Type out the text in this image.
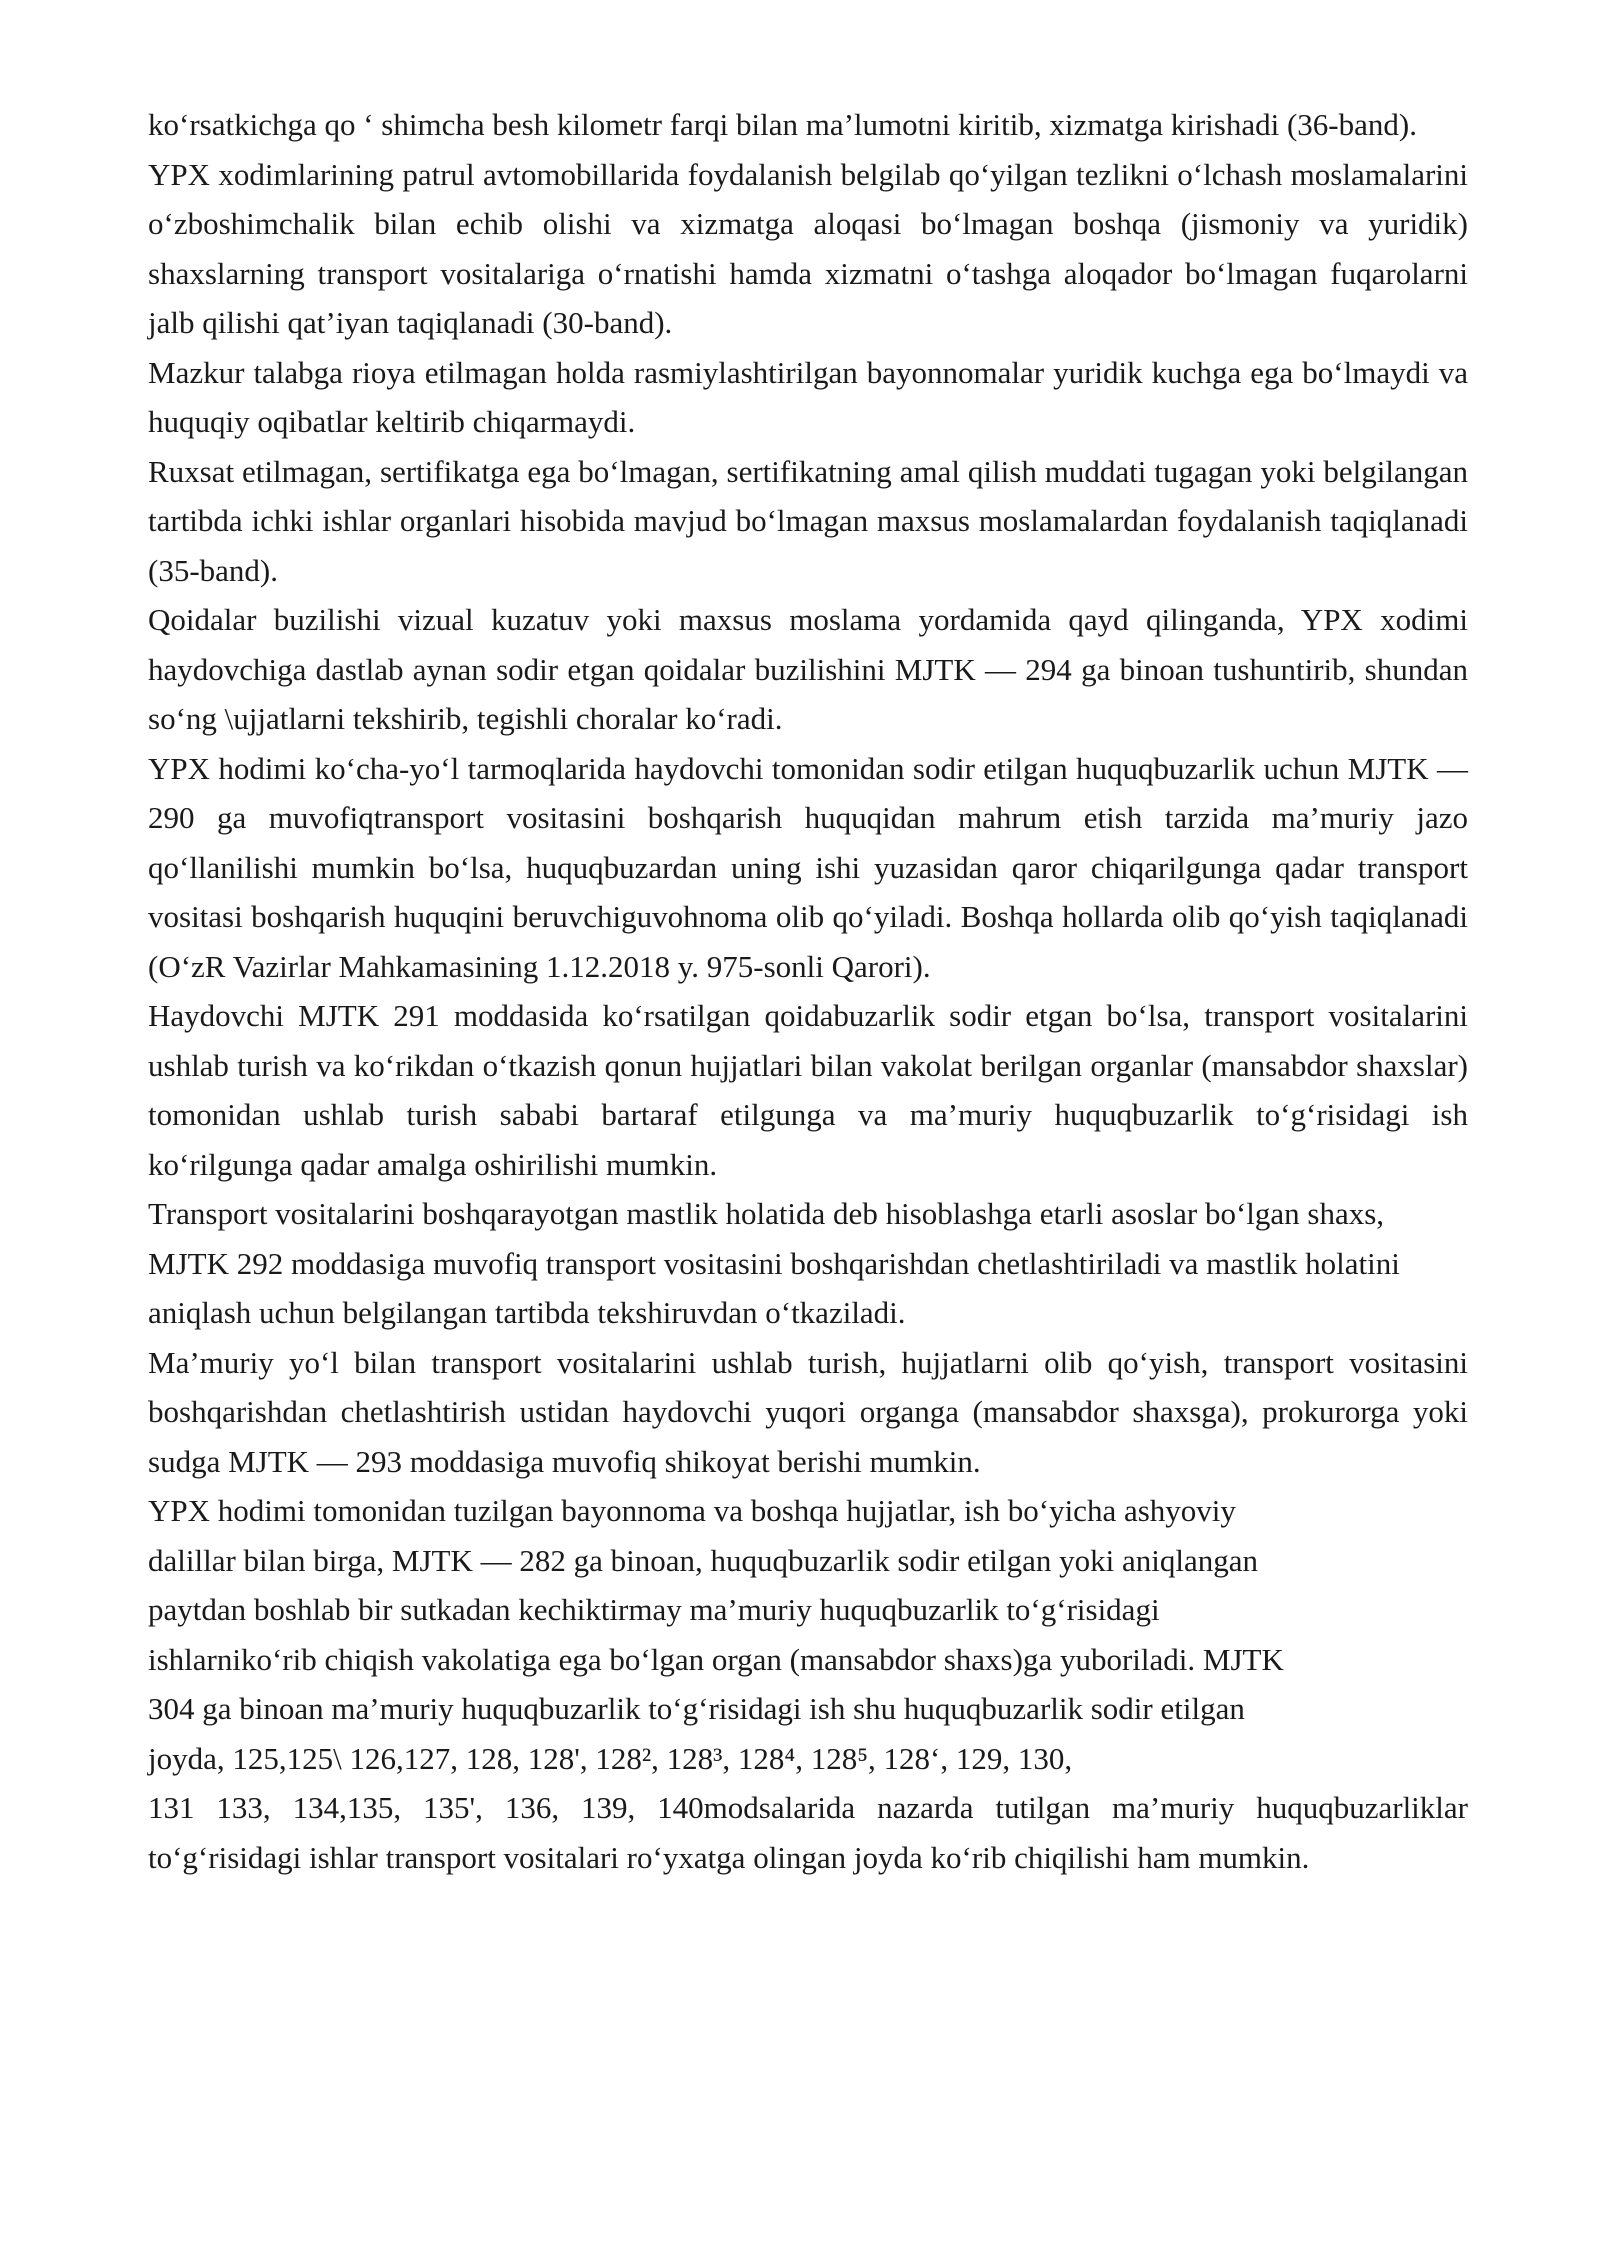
ko‘rsatkichga qo ‘ shimcha besh kilometr farqi bilan ma’lumotni kiritib, xizmatga kirishadi (36-band).

YPX xodimlarining patrul avtomobillarida foydalanish belgilab qo‘yilgan tezlikni o‘lchash moslamalarini o‘zboshimchalik bilan echib olishi va xizmatga aloqasi bo‘lmagan boshqa (jismoniy va yuridik) shaxslarning transport vositalariga o‘rnatishi hamda xizmatni o‘tashga aloqador bo‘lmagan fuqarolarni jalb qilishi qat’iyan taqiqlanadi (30-band).

Mazkur talabga rioya etilmagan holda rasmiylashtirilgan bayonnomalar yuridik kuchga ega bo‘lmaydi va huquqiy oqibatlar keltirib chiqarmaydi.

Ruxsat etilmagan, sertifikatga ega bo‘lmagan, sertifikatning amal qilish muddati tugagan yoki belgilangan tartibda ichki ishlar organlari hisobida mavjud bo‘lmagan maxsus moslamalardan foydalanish taqiqlanadi (35-band).

Qoidalar buzilishi vizual kuzatuv yoki maxsus moslama yordamida qayd qilinganda, YPX xodimi haydovchiga dastlab aynan sodir etgan qoidalar buzilishini MJTK — 294 ga binoan tushuntirib, shundan so‘ng \ujjatlarni tekshirib, tegishli choralar ko‘radi.

YPX hodimi ko‘cha-yo‘l tarmoqlarida haydovchi tomonidan sodir etilgan huquqbuzarlik uchun MJTK — 290 ga muvofiqtransport vositasini boshqarish huquqidan mahrum etish tarzida ma’muriy jazo qo‘llanilishi mumkin bo‘lsa, huquqbuzardan uning ishi yuzasidan qaror chiqarilgunga qadar transport vositasi boshqarish huquqini beruvchiguvohnoma olib qo‘yiladi. Boshqa hollarda olib qo‘yish taqiqlanadi (O‘zR Vazirlar Mahkamasining 1.12.2018 y. 975-sonli Qarori).

Haydovchi MJTK 291 moddasida ko‘rsatilgan qoidabuzarlik sodir etgan bo‘lsa, transport vositalarini ushlab turish va ko‘rikdan o‘tkazish qonun hujjatlari bilan vakolat berilgan organlar (mansabdor shaxslar) tomonidan ushlab turish sababi bartaraf etilgunga va ma’muriy huquqbuzarlik to‘g‘risidagi ish ko‘rilgunga qadar amalga oshirilishi mumkin.

Transport vositalarini boshqarayotgan mastlik holatida deb hisoblashga etarli asoslar bo‘lgan shaxs, MJTK 292 moddasiga muvofiq transport vositasini boshqarishdan chetlashtiriladi va mastlik holatini aniqlash uchun belgilangan tartibda tekshiruvdan o‘tkaziladi.

Ma’muriy yo‘l bilan transport vositalarini ushlab turish, hujjatlarni olib qo‘yish, transport vositasini boshqarishdan chetlashtirish ustidan haydovchi yuqori organga (mansabdor shaxsga), prokurorga yoki sudga MJTK — 293 moddasiga muvofiq shikoyat berishi mumkin.

YPX hodimi tomonidan tuzilgan bayonnoma va boshqa hujjatlar, ish bo‘yicha ashyoviy

dalillar bilan birga, MJTK — 282 ga binoan, huquqbuzarlik sodir etilgan yoki aniqlangan

paytdan boshlab bir sutkadan kechiktirmay ma’muriy huquqbuzarlik to‘g‘risidagi

ishlarniko‘rib chiqish vakolatiga ega bo‘lgan organ (mansabdor shaxs)ga yuboriladi. MJTK

304 ga binoan ma’muriy huquqbuzarlik to‘g‘risidagi ish shu huquqbuzarlik sodir etilgan

joyda, 125,125\ 126,127, 128, 128', 128², 128³, 128⁴, 128⁵, 128‘, 129, 130,

131 133, 134,135, 135', 136, 139, 140modsalarida nazarda tutilgan ma’muriy huquqbuzarliklar to‘g‘risidagi ishlar transport vositalari ro‘yxatga olingan joyda ko‘rib chiqilishi ham mumkin.
